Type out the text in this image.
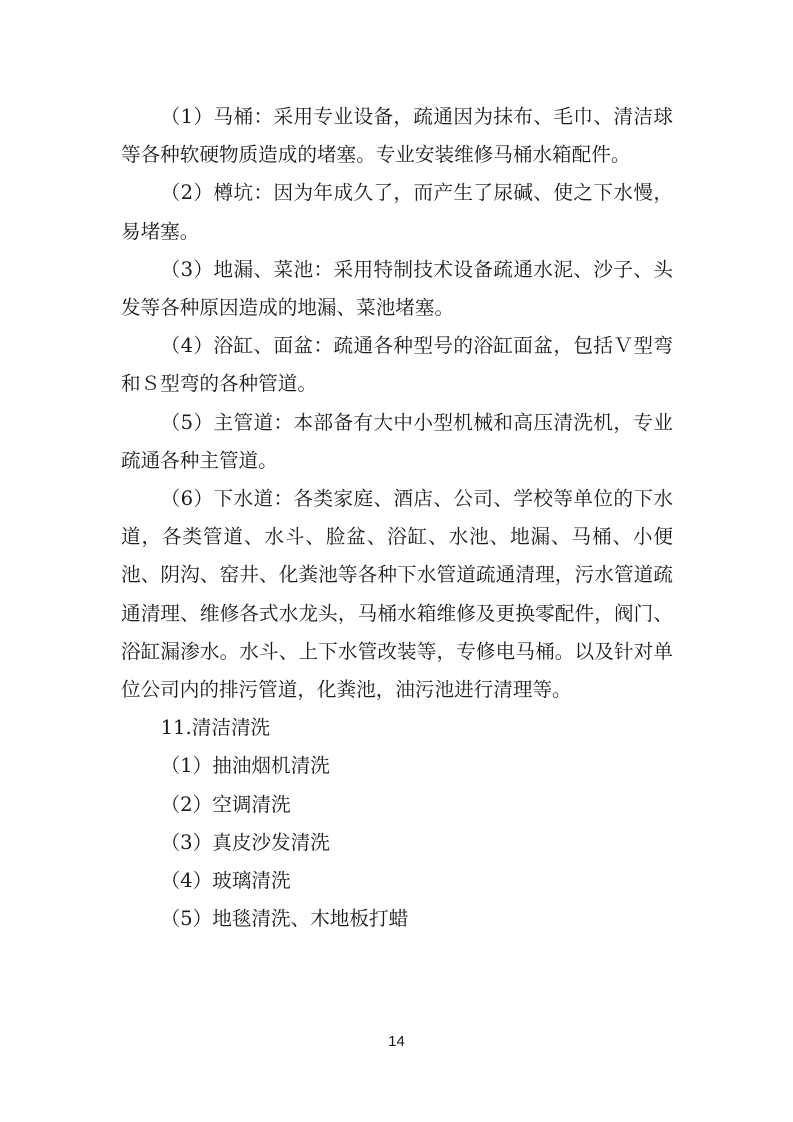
（1）马桶：采用专业设备，疏通因为抹布、毛巾、清洁球等各种软硬物质造成的堵塞。专业安装维修马桶水箱配件。

（2）樽坑：因为年成久了，而产生了尿碱、使之下水慢，易堵塞。

（3）地漏、菜池：采用特制技术设备疏通水泥、沙子、头发等各种原因造成的地漏、菜池堵塞。

（4）浴缸、面盆：疏通各种型号的浴缸面盆，包括Ｖ型弯和Ｓ型弯的各种管道。

（5）主管道：本部备有大中小型机械和高压清洗机，专业疏通各种主管道。

（6）下水道：各类家庭、酒店、公司、学校等单位的下水道，各类管道、水斗、脸盆、浴缸、水池、地漏、马桶、小便池、阴沟、窑井、化粪池等各种下水管道疏通清理，污水管道疏通清理、维修各式水龙头，马桶水箱维修及更换零配件，阀门、浴缸漏渗水。水斗、上下水管改装等，专修电马桶。以及针对单位公司内的排污管道，化粪池，油污池进行清理等。

11.清洁清洗

（1）抽油烟机清洗

（2）空调清洗

（3）真皮沙发清洗

（4）玻璃清洗

（5）地毯清洗、木地板打蜡

14
